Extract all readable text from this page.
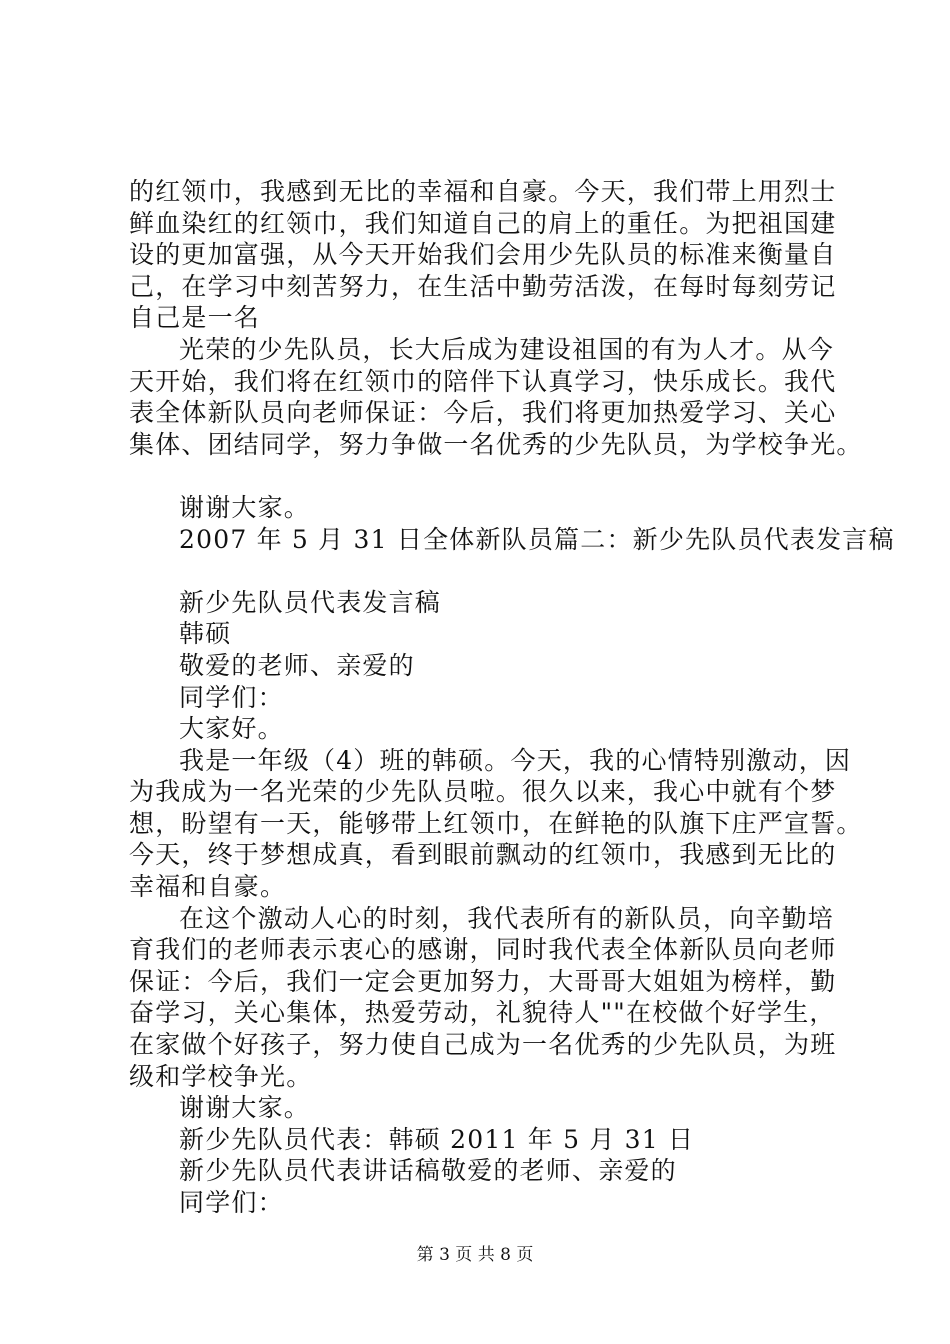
的红领巾，我感到无比的幸福和自豪。今天，我们带上用烈士
鲜血染红的红领巾，我们知道自己的肩上的重任。为把祖国建
设的更加富强，从今天开始我们会用少先队员的标准来衡量自
己，在学习中刻苦努力，在生活中勤劳活泼，在每时每刻劳记
自己是一名
光荣的少先队员，长大后成为建设祖国的有为人才。从今
天开始，我们将在红领巾的陪伴下认真学习，快乐成长。我代
表全体新队员向老师保证：今后，我们将更加热爱学习、关心
集体、团结同学，努力争做一名优秀的少先队员，为学校争光。
谢谢大家。
2007 年 5 月 31 日全体新队员篇二：新少先队员代表发言稿
新少先队员代表发言稿
韩硕
敬爱的老师、亲爱的
同学们：
大家好。
我是一年级（4）班的韩硕。今天，我的心情特别激动，因
为我成为一名光荣的少先队员啦。很久以来，我心中就有个梦
想，盼望有一天，能够带上红领巾，在鲜艳的队旗下庄严宣誓。
今天，终于梦想成真，看到眼前飘动的红领巾，我感到无比的
幸福和自豪。
在这个激动人心的时刻，我代表所有的新队员，向辛勤培
育我们的老师表示衷心的感谢，同时我代表全体新队员向老师
保证：今后，我们一定会更加努力，大哥哥大姐姐为榜样，勤
奋学习，关心集体，热爱劳动，礼貌待人""在校做个好学生，
在家做个好孩子，努力使自己成为一名优秀的少先队员，为班
级和学校争光。
谢谢大家。
新少先队员代表：韩硕 2011 年 5 月 31 日
新少先队员代表讲话稿敬爱的老师、亲爱的
同学们：
第 3 页 共 8 页
